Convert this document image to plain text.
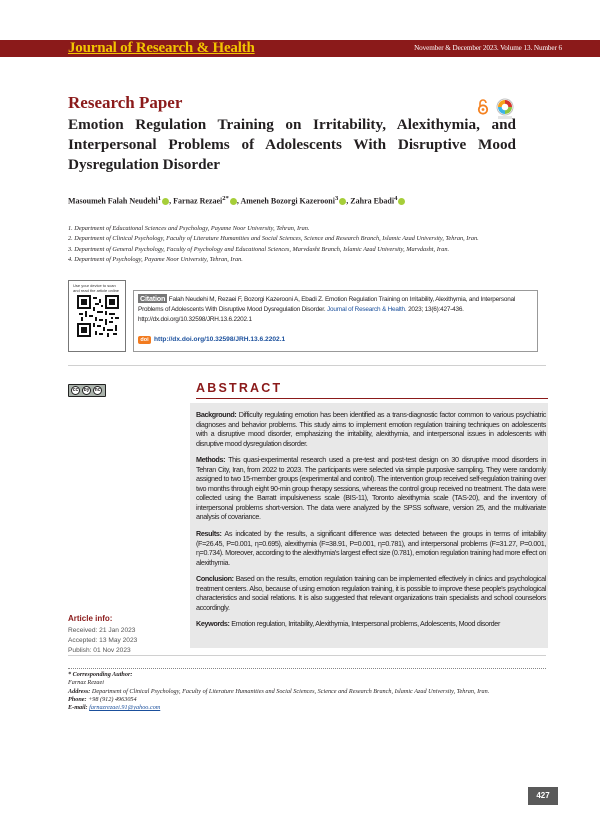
Journal of Research & Health	November & December 2023. Volume 13. Number 6
Research Paper
Emotion Regulation Training on Irritability, Alexithymia, and Interpersonal Problems of Adolescents With Disruptive Mood Dysregulation Disorder
Masoumeh Falah Neudehi$^1$ , Farnaz Rezaei$^{2*}$ , Ameneh Bozorgi Kazerooni$^3$ , Zahra Ebadi$^4$
1. Department of Educational Sciences and Psychology, Payame Noor University, Tehran, Iran.
2. Department of Clinical Psychology, Faculty of Literature Humanities and Social Sciences, Science and Research Branch, Islamic Azad University, Tehran, Iran.
3. Department of General Psychology, Faculty of Psychology and Educational Sciences, Marvdasht Branch, Islamic Azad University, Marvdasht, Iran.
4. Department of Psychology, Payame Noor University, Tehran, Iran.
Use your device to scan and read the article online
Citation Falah Neudehi M, Rezaei F, Bozorgi Kazerooni A, Ebadi Z. Emotion Regulation Training on Irritability, Alexithymia, and Interpersonal Problems of Adolescents With Disruptive Mood Dysregulation Disorder. Journal of Research & Health. 2023; 13(6):427-436. http://dx.doi.org/10.32598/JRH.13.6.2202.1
doi http://dx.doi.org/10.32598/JRH.13.6.2202.1
cc	by	nc	ABSTRACT

Background: Difficulty regulating emotion has been identified as a trans-diagnostic factor common to various psychiatric diagnoses and behavior problems. This study aims to implement emotion regulation training techniques on adolescents with a disruptive mood disorder, emphasizing the irritability, alexithymia, and interpersonal issues in adolescents with disruptive mood dysregulation disorder.

Methods: This quasi-experimental research used a pre-test and post-test design on 30 disruptive mood disorders in Tehran City, Iran, from 2022 to 2023. The participants were selected via simple purposive sampling. They were randomly assigned to two 15-member groups (experimental and control). The intervention group received self-regulation training over two months through eight 90-min group therapy sessions, whereas the control group received no treatment. The data were collected using the Barratt impulsiveness scale (BIS-11), Toronto alexithymia scale (TAS-20), and the inventory of interpersonal problems short-version. The data were analyzed by the SPSS software, version 25, and the multivariate analysis of covariance.

Results: As indicated by the results, a significant difference was detected between the groups in terms of irritability (F=26.45, P=0.001, η=0.695), alexithymia (F=38.91, P=0.001, η=0.781), and interpersonal problems (F=31.27, P=0.001, η=0.734). Moreover, according to the alexithymia's largest effect size (0.781), emotion regulation training had more effect on alexithymia.

Conclusion: Based on the results, emotion regulation training can be implemented effectively in clinics and psychological treatment centers. Also, because of using emotion regulation training, it is possible to improve these people's psychological characteristics and social relations. It is also suggested that relevant organizations train specialists and school counselors accordingly.

Keywords: Emotion regulation, Irritability, Alexithymia, Interpersonal problems, Adolescents, Mood disorder

Article info:
Received: 21 Jan 2023
Accepted: 13 May 2023
Publish: 01 Nov 2023
* Corresponding Author:
Farnaz Rezaei
Address: Department of Clinical Psychology, Faculty of Literature Humanities and Social Sciences, Science and Research Branch, Islamic Azad University, Tehran, Iran.
Phone: +98 (912) 4963054
E-mail: farnazrezaei.91@yahoo.com
427
